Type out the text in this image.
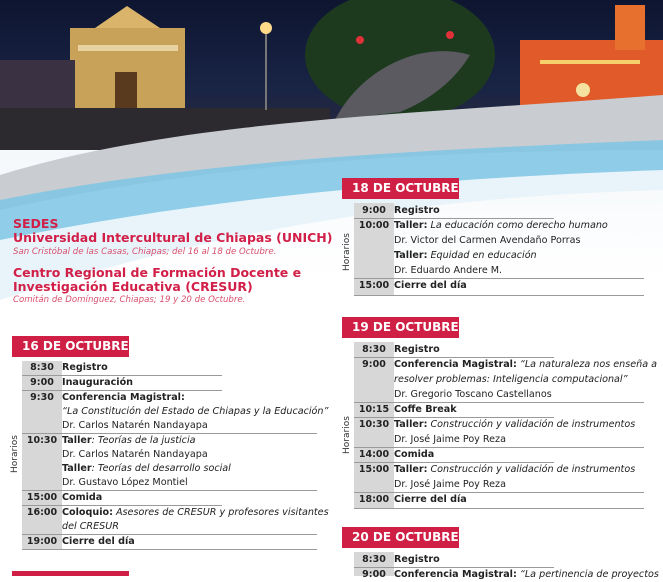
SEDES

Universidad Intercultural de Chiapas (UNICH)

San Cristóbal de las Casas, Chiapas; del 16 al 18 de Octubre.

Centro Regional de Formación Docente e

Investigación Educativa (CRESUR)

Comitán de Domínguez, Chiapas; 19 y 20 de Octubre.

16 DE OCTUBRE
Horarios
8:30 Registro
9:00 Inauguración
9:30 Conferencia Magistral:
“La Constitución del Estado de Chiapas y la Educación”
Dr. Carlos Natarén Nandayapa
10:30 Taller: Teorías de la justicia
Dr. Carlos Natarén Nandayapa
Taller: Teorías del desarrollo social
Dr. Gustavo López Montiel
15:00 Comida
16:00 Coloquio: Asesores de CRESUR y profesores visitantes
del CRESUR
19:00 Cierre del día
18 DE OCTUBRE
Horarios
9:00 Registro
10:00 Taller: La educación como derecho humano
Dr. Victor del Carmen Avendaño Porras
Taller: Equidad en educación
Dr. Eduardo Andere M.
15:00 Cierre del día
19 DE OCTUBRE
Horarios
8:30 Registro
9:00 Conferencia Magistral: “La naturaleza nos enseña a
resolver problemas: Inteligencia computacional”
Dr. Gregorio Toscano Castellanos
10:15 Coffe Break
10:30 Taller: Construcción y validación de instrumentos
Dr. José Jaime Poy Reza
14:00 Comida
15:00 Taller: Construcción y validación de instrumentos
Dr. José Jaime Poy Reza
18:00 Cierre del día
20 DE OCTUBRE
8:30 Registro
9:00 Conferencia Magistral: “La pertinencia de proyectos
